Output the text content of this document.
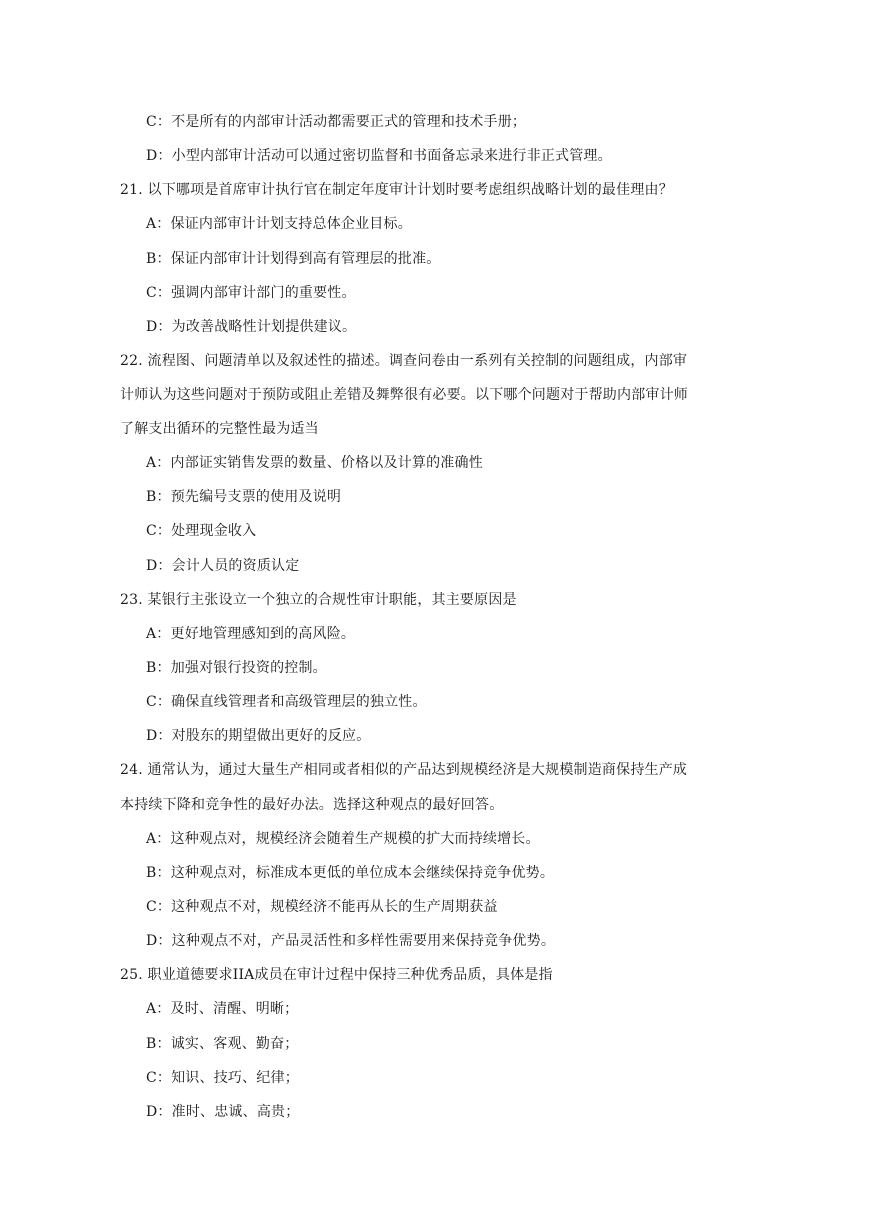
C：不是所有的内部审计活动都需要正式的管理和技术手册；
D：小型内部审计活动可以通过密切监督和书面备忘录来进行非正式管理。
21. 以下哪项是首席审计执行官在制定年度审计计划时要考虑组织战略计划的最佳理由？
A：保证内部审计计划支持总体企业目标。
B：保证内部审计计划得到高有管理层的批准。
C：强调内部审计部门的重要性。
D：为改善战略性计划提供建议。
22. 流程图、问题清单以及叙述性的描述。调查问卷由一系列有关控制的问题组成，内部审
计师认为这些问题对于预防或阻止差错及舞弊很有必要。以下哪个问题对于帮助内部审计师
了解支出循环的完整性最为适当
A：内部证实销售发票的数量、价格以及计算的准确性
B：预先编号支票的使用及说明
C：处理现金收入
D：会计人员的资质认定
23. 某银行主张设立一个独立的合规性审计职能，其主要原因是
A：更好地管理感知到的高风险。
B：加强对银行投资的控制。
C：确保直线管理者和高级管理层的独立性。
D：对股东的期望做出更好的反应。
24. 通常认为，通过大量生产相同或者相似的产品达到规模经济是大规模制造商保持生产成
本持续下降和竞争性的最好办法。选择这种观点的最好回答。
A：这种观点对，规模经济会随着生产规模的扩大而持续增长。
B：这种观点对，标准成本更低的单位成本会继续保持竞争优势。
C：这种观点不对，规模经济不能再从长的生产周期获益
D：这种观点不对，产品灵活性和多样性需要用来保持竞争优势。
25. 职业道德要求IIA成员在审计过程中保持三种优秀品质，具体是指
A：及时、清醒、明晰；
B：诚实、客观、勤奋；
C：知识、技巧、纪律；
D：准时、忠诚、高贵；
